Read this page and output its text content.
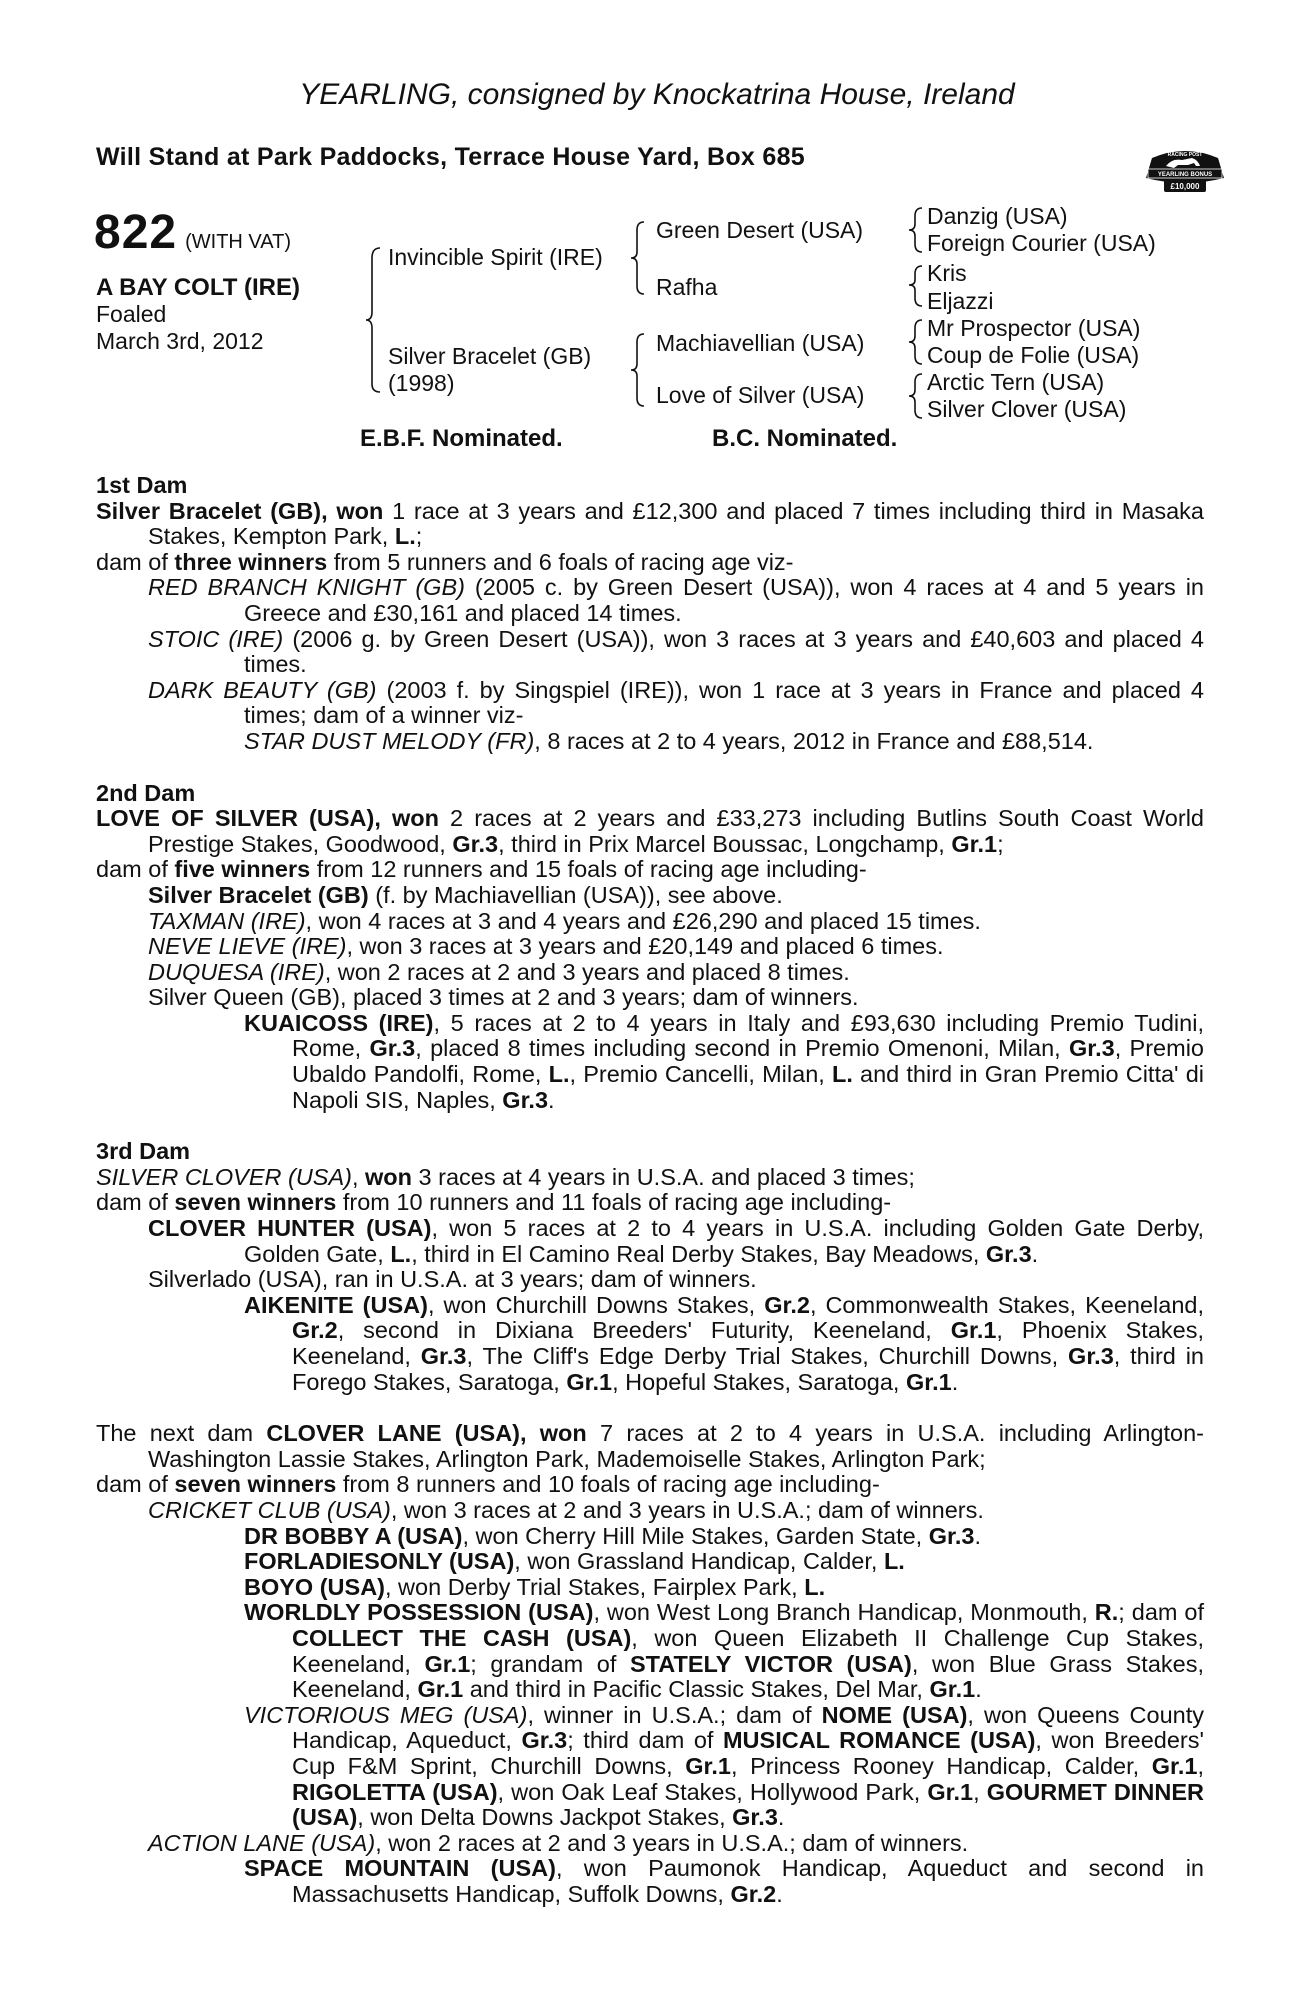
YEARLING, consigned by Knockatrina House, Ireland
Will Stand at Park Paddocks, Terrace House Yard, Box 685	RACING POST
YEARLING BONUS
£10,000
822 (WITH VAT)
A BAY COLT (IRE)
Foaled
March 3rd, 2012
Invincible Spirit (IRE)
Silver Bracelet (GB)
(1998)
Green Desert (USA)
Rafha
Machiavellian (USA)
Love of Silver (USA)
Danzig (USA)
Foreign Courier (USA)
Kris
Eljazzi
Mr Prospector (USA)
Coup de Folie (USA)
Arctic Tern (USA)
Silver Clover (USA)
E.B.F. Nominated.	B.C. Nominated.

1st Dam

Silver Bracelet (GB), won 1 race at 3 years and £12,300 and placed 7 times including third in Masaka Stakes, Kempton Park, L.;

dam of three winners from 5 runners and 6 foals of racing age viz-

RED BRANCH KNIGHT (GB) (2005 c. by Green Desert (USA)), won 4 races at 4 and 5 years in Greece and £30,161 and placed 14 times.

STOIC (IRE) (2006 g. by Green Desert (USA)), won 3 races at 3 years and £40,603 and placed 4 times.

DARK BEAUTY (GB) (2003 f. by Singspiel (IRE)), won 1 race at 3 years in France and placed 4 times; dam of a winner viz-

STAR DUST MELODY (FR), 8 races at 2 to 4 years, 2012 in France and £88,514.

2nd Dam

LOVE OF SILVER (USA), won 2 races at 2 years and £33,273 including Butlins South Coast World Prestige Stakes, Goodwood, Gr.3, third in Prix Marcel Boussac, Longchamp, Gr.1;

dam of five winners from 12 runners and 15 foals of racing age including-

Silver Bracelet (GB) (f. by Machiavellian (USA)), see above.

TAXMAN (IRE), won 4 races at 3 and 4 years and £26,290 and placed 15 times.

NEVE LIEVE (IRE), won 3 races at 3 years and £20,149 and placed 6 times.

DUQUESA (IRE), won 2 races at 2 and 3 years and placed 8 times.

Silver Queen (GB), placed 3 times at 2 and 3 years; dam of winners.

KUAICOSS (IRE), 5 races at 2 to 4 years in Italy and £93,630 including Premio Tudini, Rome, Gr.3, placed 8 times including second in Premio Omenoni, Milan, Gr.3, Premio Ubaldo Pandolfi, Rome, L., Premio Cancelli, Milan, L. and third in Gran Premio Citta' di Napoli SIS, Naples, Gr.3.

3rd Dam

SILVER CLOVER (USA), won 3 races at 4 years in U.S.A. and placed 3 times;

dam of seven winners from 10 runners and 11 foals of racing age including-

CLOVER HUNTER (USA), won 5 races at 2 to 4 years in U.S.A. including Golden Gate Derby, Golden Gate, L., third in El Camino Real Derby Stakes, Bay Meadows, Gr.3.

Silverlado (USA), ran in U.S.A. at 3 years; dam of winners.

AIKENITE (USA), won Churchill Downs Stakes, Gr.2, Commonwealth Stakes, Keeneland, Gr.2, second in Dixiana Breeders' Futurity, Keeneland, Gr.1, Phoenix Stakes, Keeneland, Gr.3, The Cliff's Edge Derby Trial Stakes, Churchill Downs, Gr.3, third in Forego Stakes, Saratoga, Gr.1, Hopeful Stakes, Saratoga, Gr.1.

The next dam CLOVER LANE (USA), won 7 races at 2 to 4 years in U.S.A. including Arlington-Washington Lassie Stakes, Arlington Park, Mademoiselle Stakes, Arlington Park;

dam of seven winners from 8 runners and 10 foals of racing age including-

CRICKET CLUB (USA), won 3 races at 2 and 3 years in U.S.A.; dam of winners.

DR BOBBY A (USA), won Cherry Hill Mile Stakes, Garden State, Gr.3.

FORLADIESONLY (USA), won Grassland Handicap, Calder, L.

BOYO (USA), won Derby Trial Stakes, Fairplex Park, L.

WORLDLY POSSESSION (USA), won West Long Branch Handicap, Monmouth, R.; dam of COLLECT THE CASH (USA), won Queen Elizabeth II Challenge Cup Stakes, Keeneland, Gr.1; grandam of STATELY VICTOR (USA), won Blue Grass Stakes, Keeneland, Gr.1 and third in Pacific Classic Stakes, Del Mar, Gr.1.

VICTORIOUS MEG (USA), winner in U.S.A.; dam of NOME (USA), won Queens County Handicap, Aqueduct, Gr.3; third dam of MUSICAL ROMANCE (USA), won Breeders' Cup F&M Sprint, Churchill Downs, Gr.1, Princess Rooney Handicap, Calder, Gr.1, RIGOLETTA (USA), won Oak Leaf Stakes, Hollywood Park, Gr.1, GOURMET DINNER (USA), won Delta Downs Jackpot Stakes, Gr.3.

ACTION LANE (USA), won 2 races at 2 and 3 years in U.S.A.; dam of winners.

SPACE MOUNTAIN (USA), won Paumonok Handicap, Aqueduct and second in Massachusetts Handicap, Suffolk Downs, Gr.2.
